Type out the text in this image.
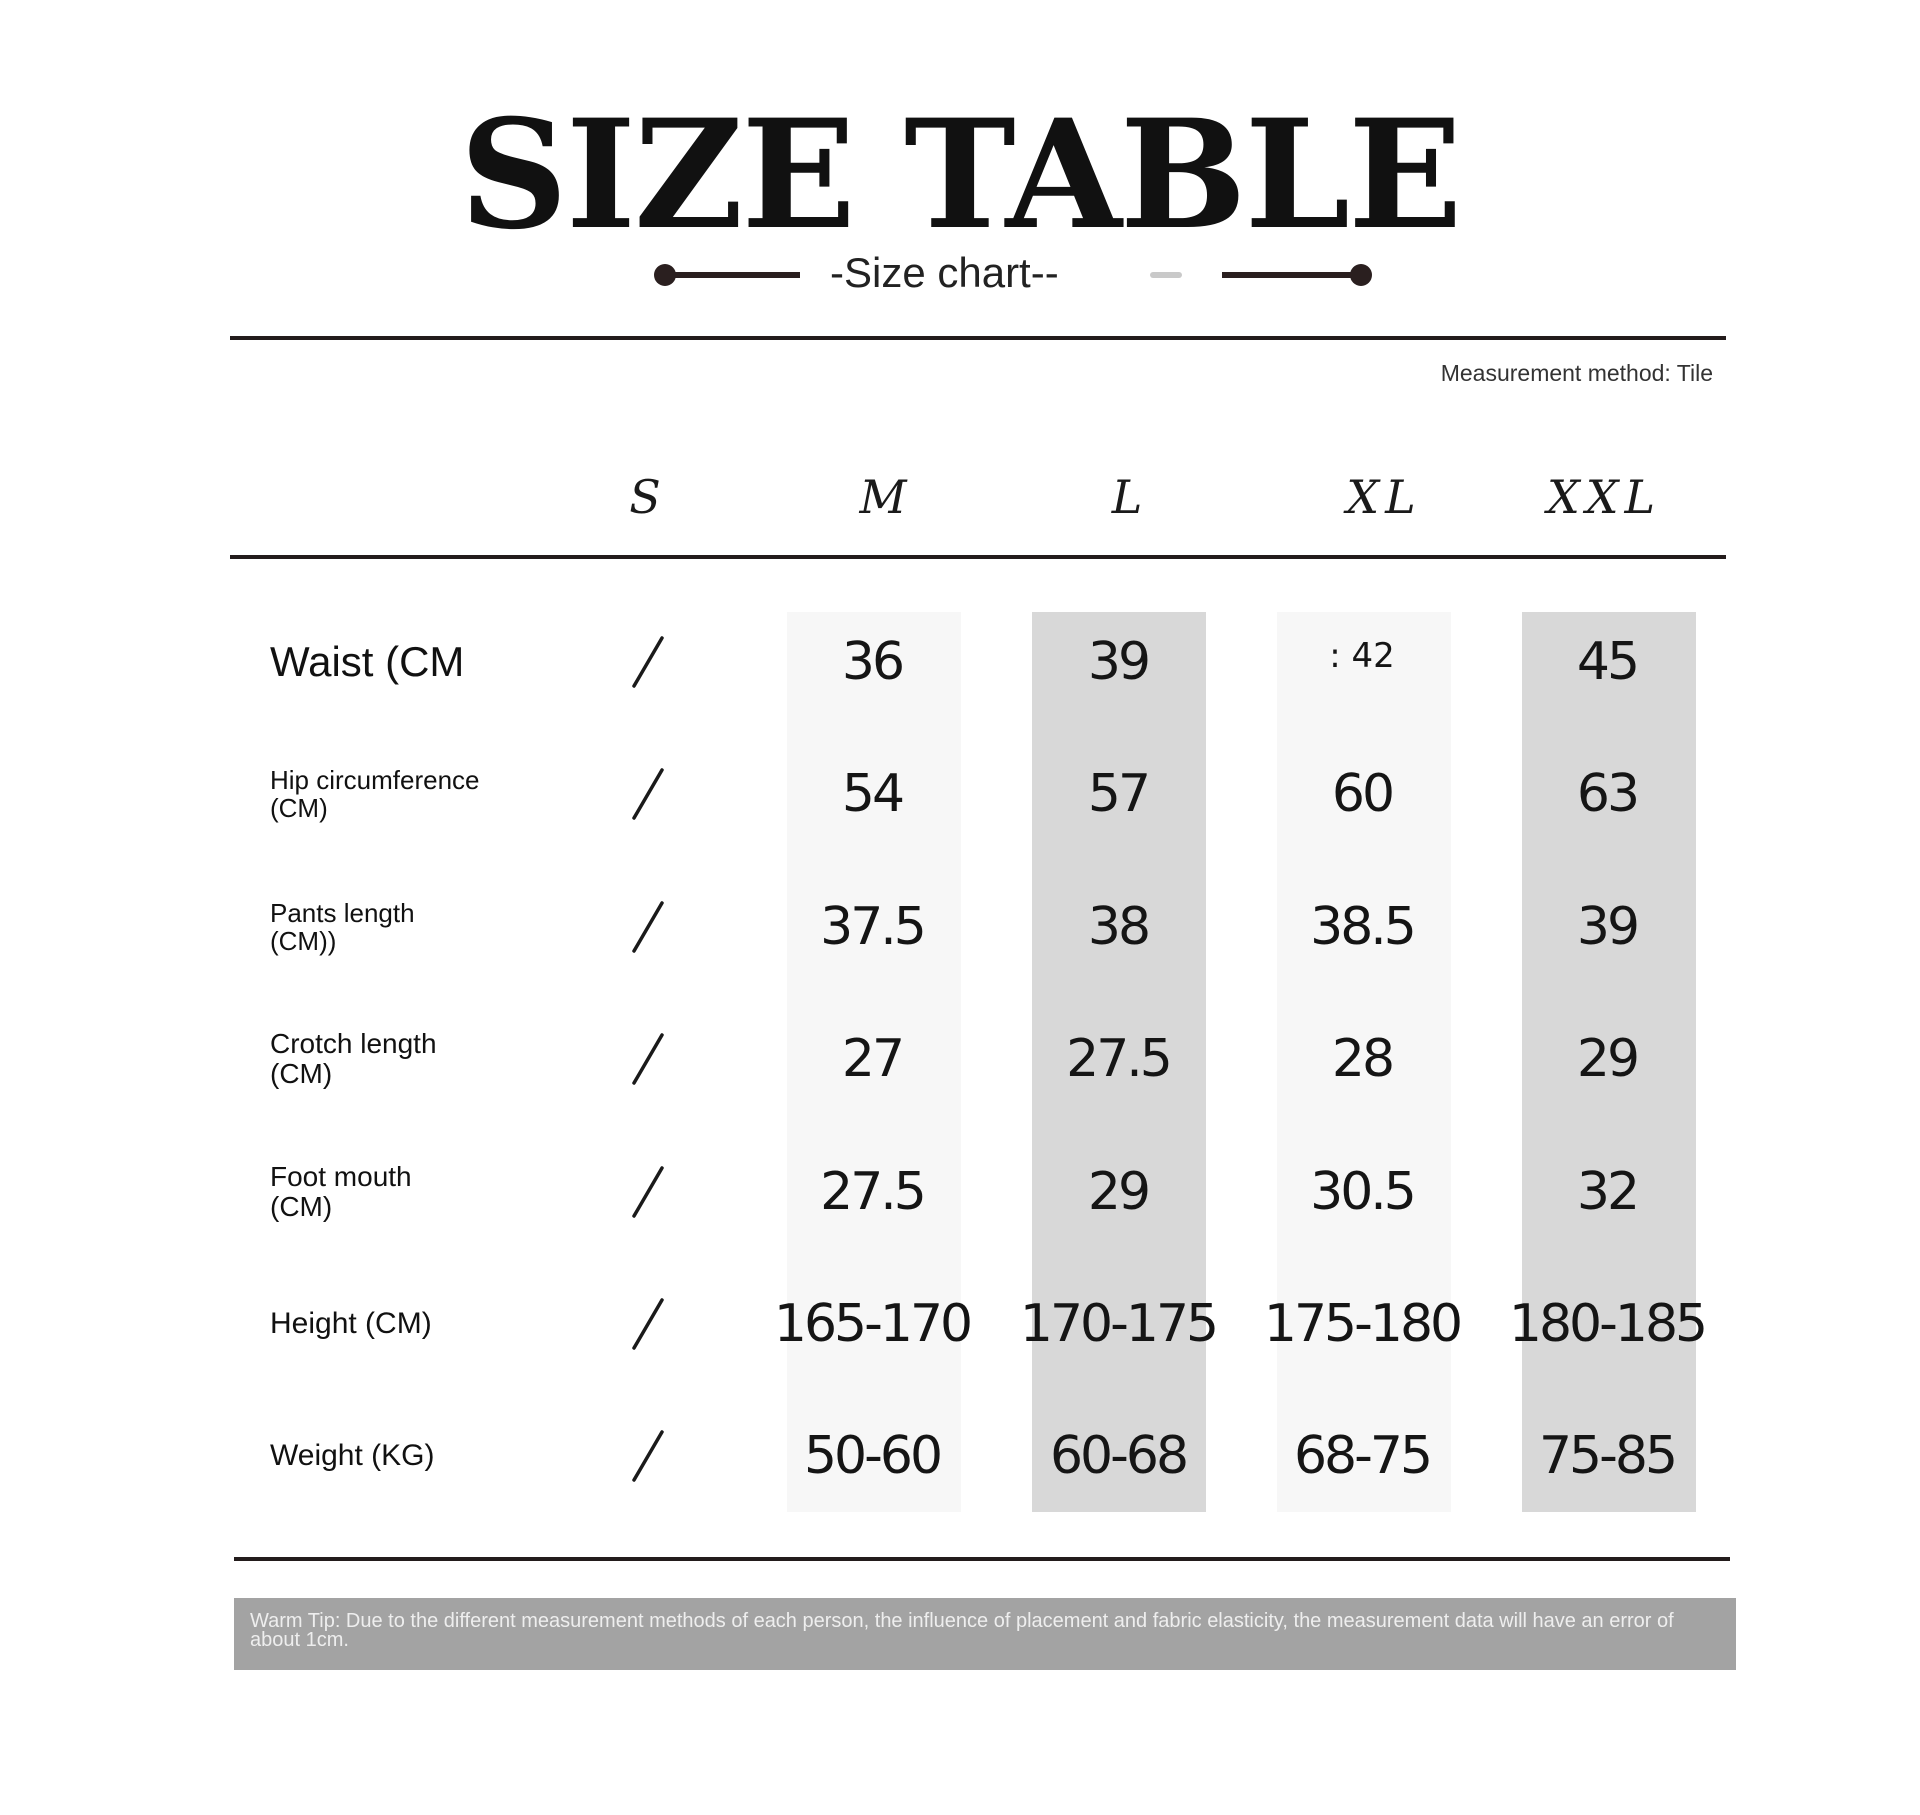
SIZE TABLE
-Size chart--
Measurement method: Tile
S	M	L	XL	XXL
Waist (CM	36	39	: 42	45
Hip circumference
(CM)	54	57	60	63
Pants length
(CM))	37.5	38	38.5	39
Crotch length
(CM)	27	27.5	28	29
Foot mouth
(CM)	27.5	29	30.5	32
Height (CM)	165-170 170-175 175-180 180-185
Weight (KG)	50-60	60-68	68-75	75-85
Warm Tip: Due to the different measurement methods of each person, the influence of placement and fabric elasticity, the measurement data will have an error of about 1cm.
